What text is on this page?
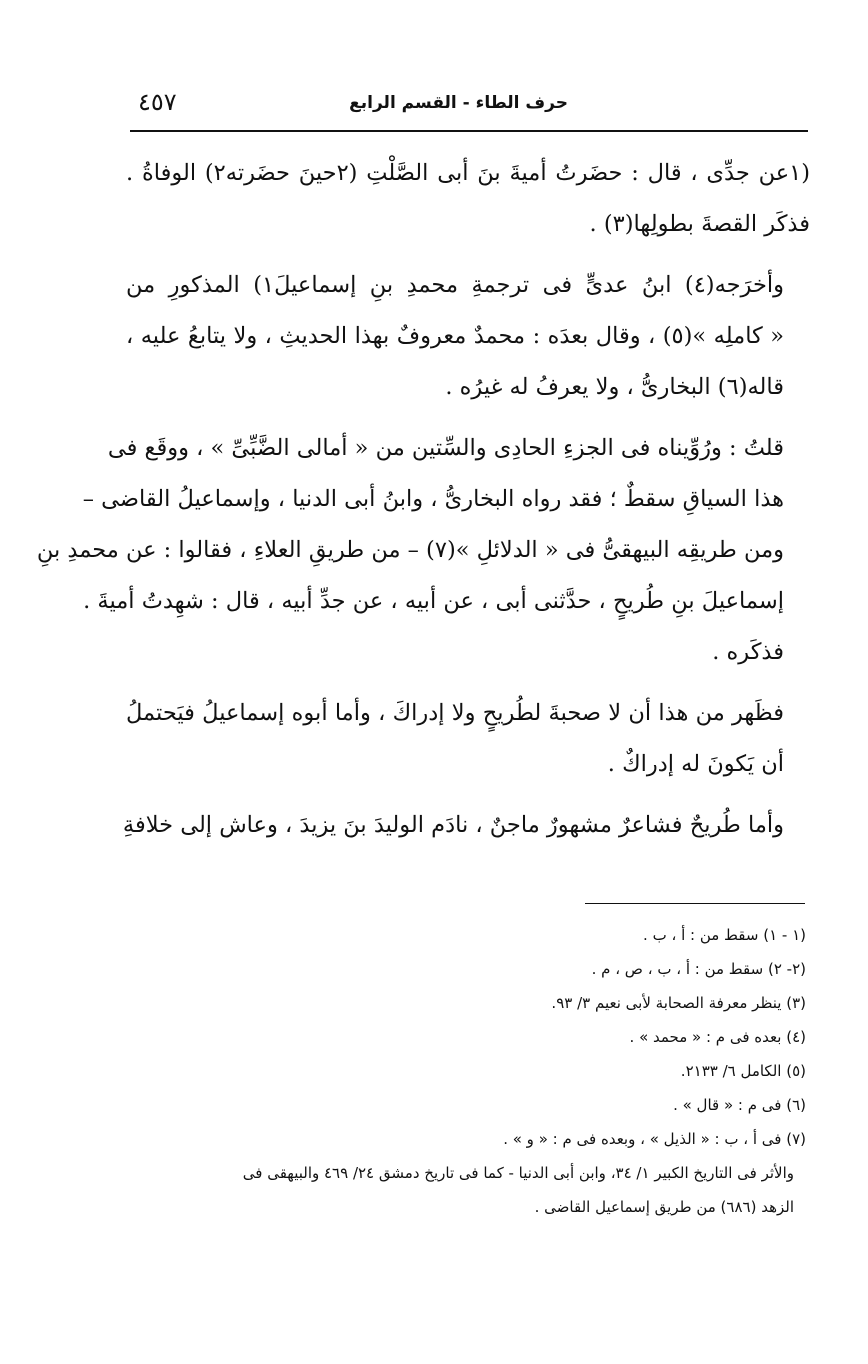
٤٥٧	حرف الطاء - القسم الرابع

(١عن جدِّى ، قال : حضَرتُ أميةَ بنَ أبى الصَّلْتِ (٢حينَ حضَرته٢) الوفاةُ .
فذكَر القصةَ بطولِها(٣) .

وأخرَجه(٤) ابنُ عدىٍّ فى ترجمةِ محمدِ بنِ إسماعيلَ١) المذكورِ من
« كاملِه »(٥) ، وقال بعدَه : محمدٌ معروفٌ بهذا الحديثِ ، ولا يتابعُ عليه ،
قاله(٦) البخارىُّ ، ولا يعرفُ له غيرُه .

قلتُ : ورُوِّيناه فى الجزءِ الحادِى والسِّتين من « أمالى الضَّبِّىِّ » ، ووقَع فى
هذا السياقِ سقطٌ ؛ فقد رواه البخارىُّ ، وابنُ أبى الدنيا ، وإسماعيلُ القاضى –
ومن طريقِه البيهقىُّ فى « الدلائلِ »(٧) – من طريقِ العلاءِ ، فقالوا : عن محمدِ بنِ
إسماعيلَ بنِ طُريحٍ ، حدَّثنى أبى ، عن أبيه ، عن جدِّ أبيه ، قال : شهِدتُ أميةَ .
فذكَره .

فظَهر من هذا أن لا صحبةَ لطُريحٍ ولا إدراكَ ، وأما أبوه إسماعيلُ فيَحتملُ
أن يَكونَ له إدراكٌ .

وأما طُريحٌ فشاعرٌ مشهورٌ ماجنٌ ، نادَم الوليدَ بنَ يزيدَ ، وعاش إلى خلافةِ

(١ - ١) سقط من : أ ، ب .
(٢- ٢) سقط من : أ ، ب ، ص ، م .
(٣) ينظر معرفة الصحابة لأبى نعيم ٣/ ٩٣.
(٤) بعده فى م : « محمد » .
(٥) الكامل ٦/ ٢١٣٣.
(٦) فى م : « قال » .
(٧) فى أ ، ب : « الذيل » ، وبعده فى م : « و » .
والأثر فى التاريخ الكبير ١/ ٣٤، وابن أبى الدنيا - كما فى تاريخ دمشق ٢٤/ ٤٦٩ والبيهقى فى
الزهد (٦٨٦) من طريق إسماعيل القاضى .
